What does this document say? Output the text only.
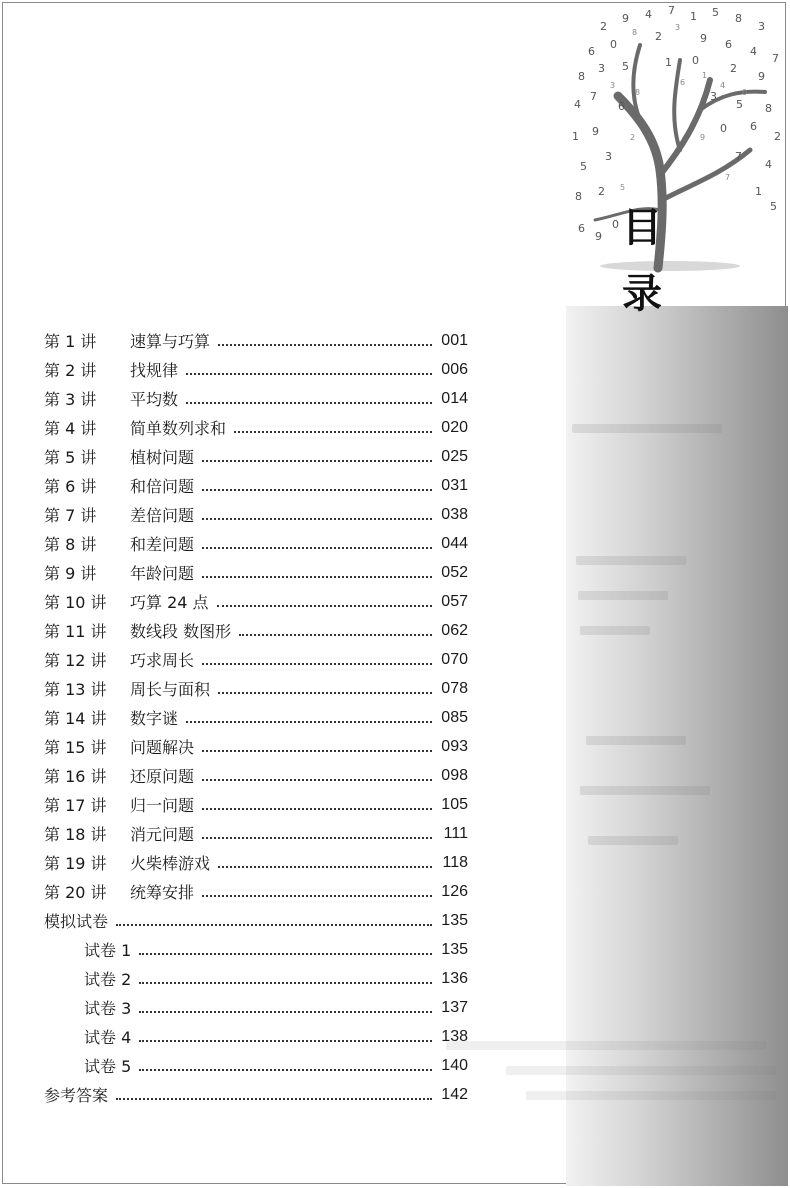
2
9 4 7 1 5 8
3
6
0
2	9 6
4
7
8
3 5	1 0
2
9
4
7
6
3
5 8
1 9	0 6
2
5
3	7
4
8 2	1
6
9
0
5
3
8
6
1
4
0
2	9
7
5
3
8
目
录
第 1 讲	速算与巧算	001
第 2 讲	找规律	006
第 3 讲	平均数	014
第 4 讲	简单数列求和	020
第 5 讲	植树问题	025
第 6 讲	和倍问题	031
第 7 讲	差倍问题	038
第 8 讲	和差问题	044
第 9 讲	年龄问题	052
第 10 讲	巧算 24 点	057
第 11 讲	数线段 数图形	062
第 12 讲	巧求周长	070
第 13 讲	周长与面积	078
第 14 讲	数字谜	085
第 15 讲	问题解决	093
第 16 讲	还原问题	098
第 17 讲	归一问题	105
第 18 讲	消元问题	111
第 19 讲	火柴棒游戏	118
第 20 讲	统筹安排	126
模拟试卷	135
试卷 1	135
试卷 2	136
试卷 3	137
试卷 4	138
试卷 5	140
参考答案	142
